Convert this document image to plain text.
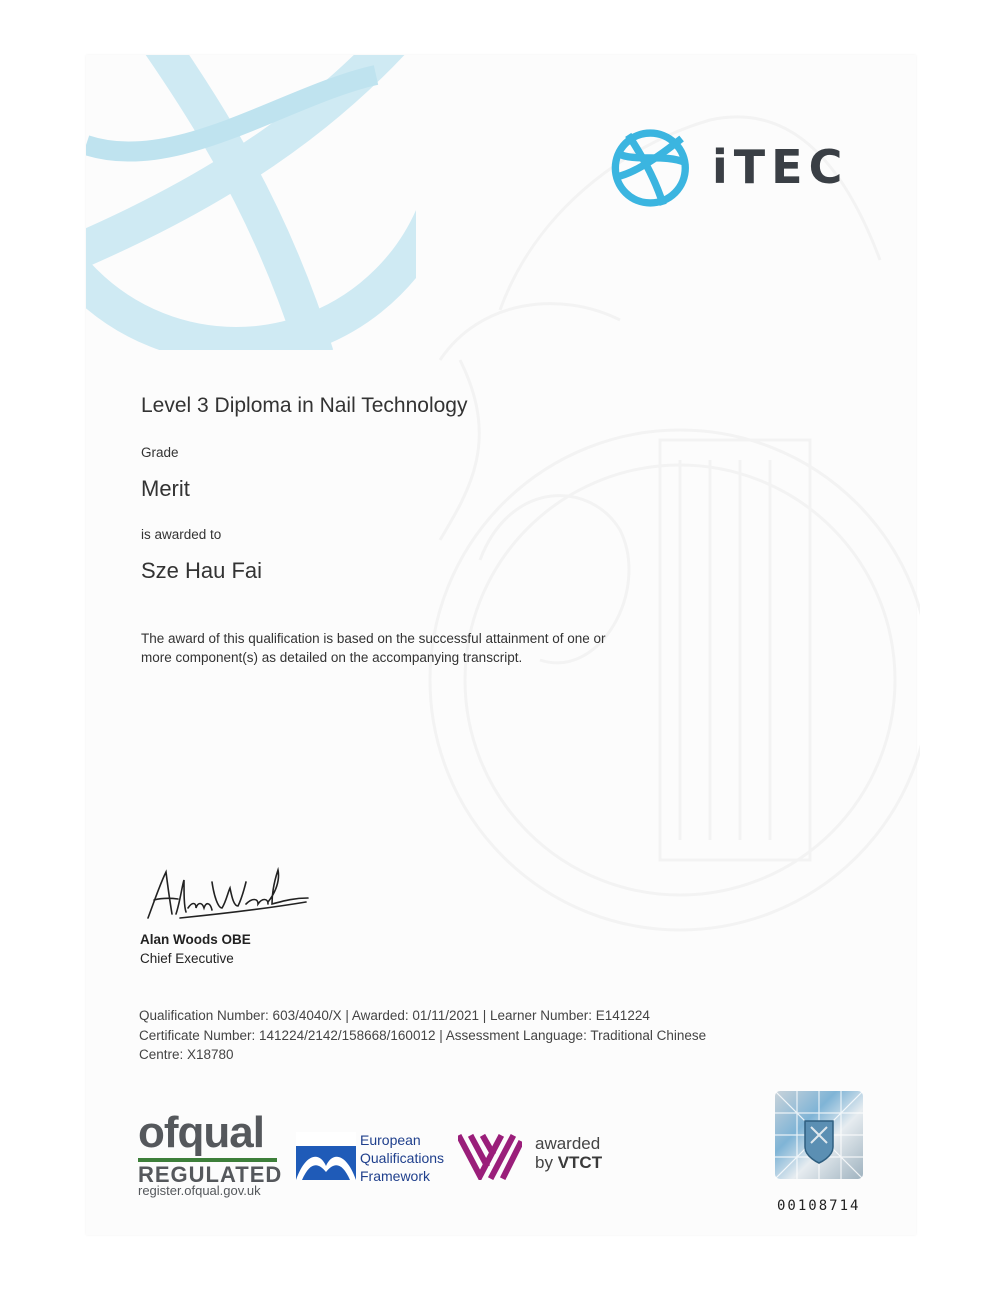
iTEC
Level 3 Diploma in Nail Technology
Grade
Merit
is awarded to
Sze Hau Fai
The award of this qualification is based on the successful attainment of one or
more component(s) as detailed on the accompanying transcript.
Alan Woods OBE
Chief Executive
Qualification Number: 603/4040/X | Awarded: 01/11/2021 | Learner Number: E141224
Certificate Number: 141224/2142/158668/160012 | Assessment Language: Traditional Chinese
Centre: X18780
ofqual
REGULATED
register.ofqual.gov.uk
European
Qualifications
Framework
awarded
by VTCT
00108714
